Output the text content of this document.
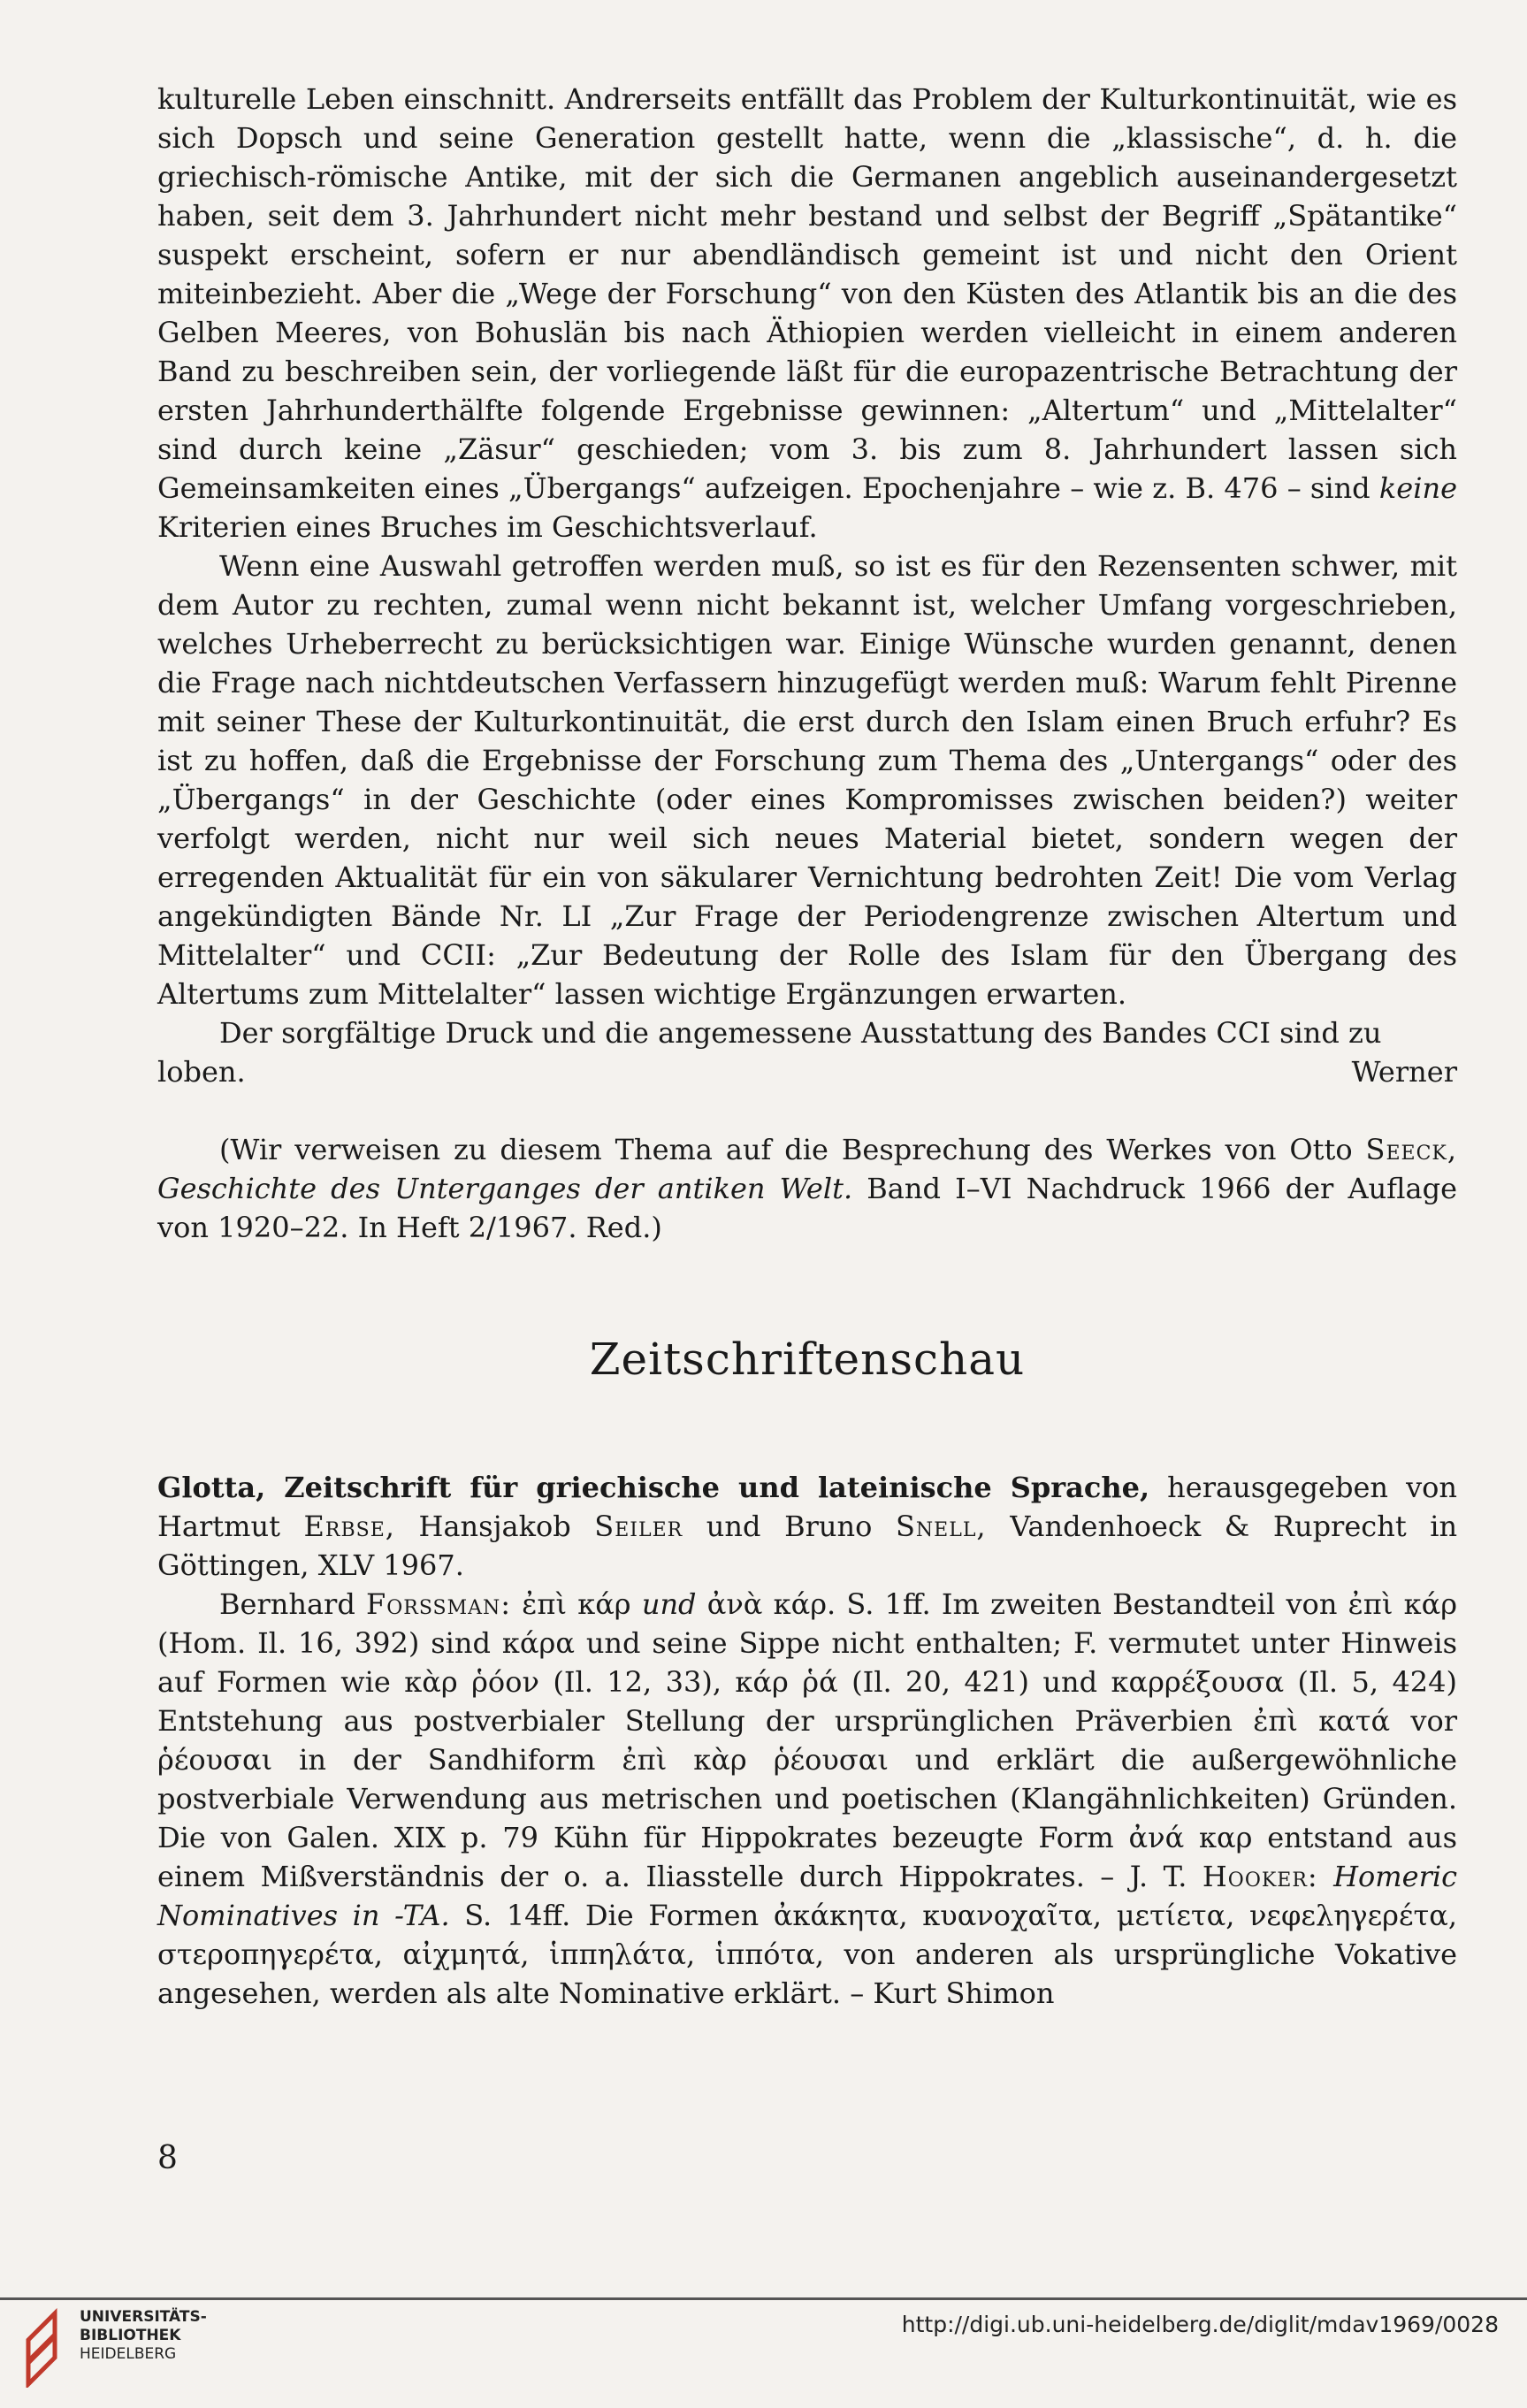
kulturelle Leben einschnitt. Andrerseits entfällt das Problem der Kulturkontinuität, wie es sich Dopsch und seine Generation gestellt hatte, wenn die „klassische“, d. h. die griechisch-römische Antike, mit der sich die Germanen angeblich auseinandergesetzt haben, seit dem 3. Jahrhundert nicht mehr bestand und selbst der Begriff „Spätantike“ suspekt erscheint, sofern er nur abendländisch gemeint ist und nicht den Orient miteinbezieht. Aber die „Wege der Forschung“ von den Küsten des Atlantik bis an die des Gelben Meeres, von Bohuslän bis nach Äthiopien werden vielleicht in einem anderen Band zu beschreiben sein, der vorliegende läßt für die europazentrische Betrachtung der ersten Jahrhunderthälfte folgende Ergebnisse gewinnen: „Altertum“ und „Mittelalter“ sind durch keine „Zäsur“ geschieden; vom 3. bis zum 8. Jahrhundert lassen sich Gemeinsamkeiten eines „Übergangs“ aufzeigen. Epochenjahre – wie z. B. 476 – sind keine Kriterien eines Bruches im Geschichtsverlauf.

Wenn eine Auswahl getroffen werden muß, so ist es für den Rezensenten schwer, mit dem Autor zu rechten, zumal wenn nicht bekannt ist, welcher Umfang vorgeschrieben, welches Urheberrecht zu berücksichtigen war. Einige Wünsche wurden genannt, denen die Frage nach nichtdeutschen Verfassern hinzugefügt werden muß: Warum fehlt Pirenne mit seiner These der Kulturkontinuität, die erst durch den Islam einen Bruch erfuhr? Es ist zu hoffen, daß die Ergebnisse der Forschung zum Thema des „Untergangs“ oder des „Übergangs“ in der Geschichte (oder eines Kompromisses zwischen beiden?) weiter verfolgt werden, nicht nur weil sich neues Material bietet, sondern wegen der erregenden Aktualität für ein von säkularer Vernichtung bedrohten Zeit! Die vom Verlag angekündigten Bände Nr. LI „Zur Frage der Periodengrenze zwischen Altertum und Mittelalter“ und CCII: „Zur Bedeutung der Rolle des Islam für den Übergang des Altertums zum Mittelalter“ lassen wichtige Ergänzungen erwarten.

Der sorgfältige Druck und die angemessene Ausstattung des Bandes CCI sind zu

loben.	Werner

(Wir verweisen zu diesem Thema auf die Besprechung des Werkes von Otto Seeck, Geschichte des Unterganges der antiken Welt. Band I–VI Nachdruck 1966 der Auflage von 1920–22. In Heft 2/1967. Red.)

Zeitschriftenschau

Glotta, Zeitschrift für griechische und lateinische Sprache, herausgegeben von Hartmut Erbse, Hansjakob Seiler und Bruno Snell, Vandenhoeck & Ruprecht in Göttingen, XLV 1967.

Bernhard Forssman: ἐπὶ κάρ und ἀνὰ κάρ. S. 1ff. Im zweiten Bestandteil von ἐπὶ κάρ (Hom. Il. 16, 392) sind κάρα und seine Sippe nicht enthalten; F. vermutet unter Hinweis auf Formen wie κὰρ ῥόον (Il. 12, 33), κάρ ῥά (Il. 20, 421) und καρρέξουσα (Il. 5, 424) Entstehung aus postverbialer Stellung der ursprünglichen Präverbien ἐπὶ κατά vor ῥέουσαι in der Sandhiform ἐπὶ κὰρ ῥέουσαι und erklärt die außergewöhnliche postverbiale Verwendung aus metrischen und poetischen (Klangähnlichkeiten) Gründen. Die von Galen. XIX p. 79 Kühn für Hippokrates bezeugte Form ἀνά καρ entstand aus einem Mißverständnis der o. a. Iliasstelle durch Hippokrates. – J. T. Hooker: Homeric Nominatives in -TA. S. 14ff. Die Formen ἀκάκητα, κυανοχαῖτα, μετίετα, νεφεληγερέτα, στεροπηγερέτα, αἰχμητά, ἱππηλάτα, ἱππότα, von anderen als ursprüngliche Vokative angesehen, werden als alte Nominative erklärt. – Kurt Shimon

8
UNIVERSITÄTS-
BIBLIOTHEK
HEIDELBERG
http://digi.ub.uni-heidelberg.de/diglit/mdav1969/0028
